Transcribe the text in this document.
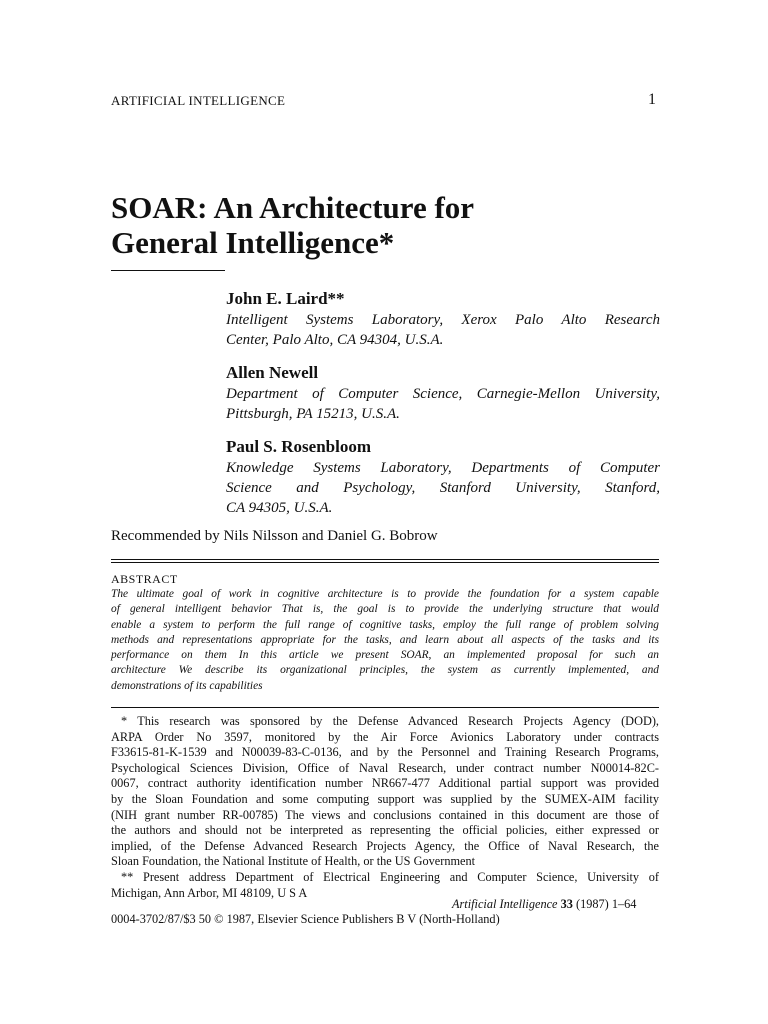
ARTIFICIAL INTELLIGENCE	1
SOAR: An Architecture for
General Intelligence*
John E. Laird**
Intelligent Systems Laboratory, Xerox Palo Alto Research
Center, Palo Alto, CA 94304, U.S.A.
Allen Newell
Department of Computer Science, Carnegie-Mellon University,
Pittsburgh, PA 15213, U.S.A.
Paul S. Rosenbloom
Knowledge Systems Laboratory, Departments of Computer
Science and Psychology, Stanford University, Stanford,
CA 94305, U.S.A.
Recommended by Nils Nilsson and Daniel G. Bobrow
ABSTRACT
The ultimate goal of work in cognitive architecture is to provide the foundation for a system capable
of general intelligent behavior That is, the goal is to provide the underlying structure that would
enable a system to perform the full range of cognitive tasks, employ the full range of problem solving
methods and representations appropriate for the tasks, and learn about all aspects of the tasks and its
performance on them In this article we present SOAR, an implemented proposal for such an
architecture We describe its organizational principles, the system as currently implemented, and
demonstrations of its capabilities
* This research was sponsored by the Defense Advanced Research Projects Agency (DOD),
ARPA Order No 3597, monitored by the Air Force Avionics Laboratory under contracts
F33615-81-K-1539 and N00039-83-C-0136, and by the Personnel and Training Research Programs,
Psychological Sciences Division, Office of Naval Research, under contract number N00014-82C-
0067, contract authority identification number NR667-477 Additional partial support was provided
by the Sloan Foundation and some computing support was supplied by the SUMEX-AIM facility
(NIH grant number RR-00785) The views and conclusions contained in this document are those of
the authors and should not be interpreted as representing the official policies, either expressed or
implied, of the Defense Advanced Research Projects Agency, the Office of Naval Research, the
Sloan Foundation, the National Institute of Health, or the US Government
** Present address Department of Electrical Engineering and Computer Science, University of
Michigan, Ann Arbor, MI 48109, U S A
Artificial Intelligence 33 (1987) 1–64
0004-3702/87/$3 50 © 1987, Elsevier Science Publishers B V (North-Holland)
